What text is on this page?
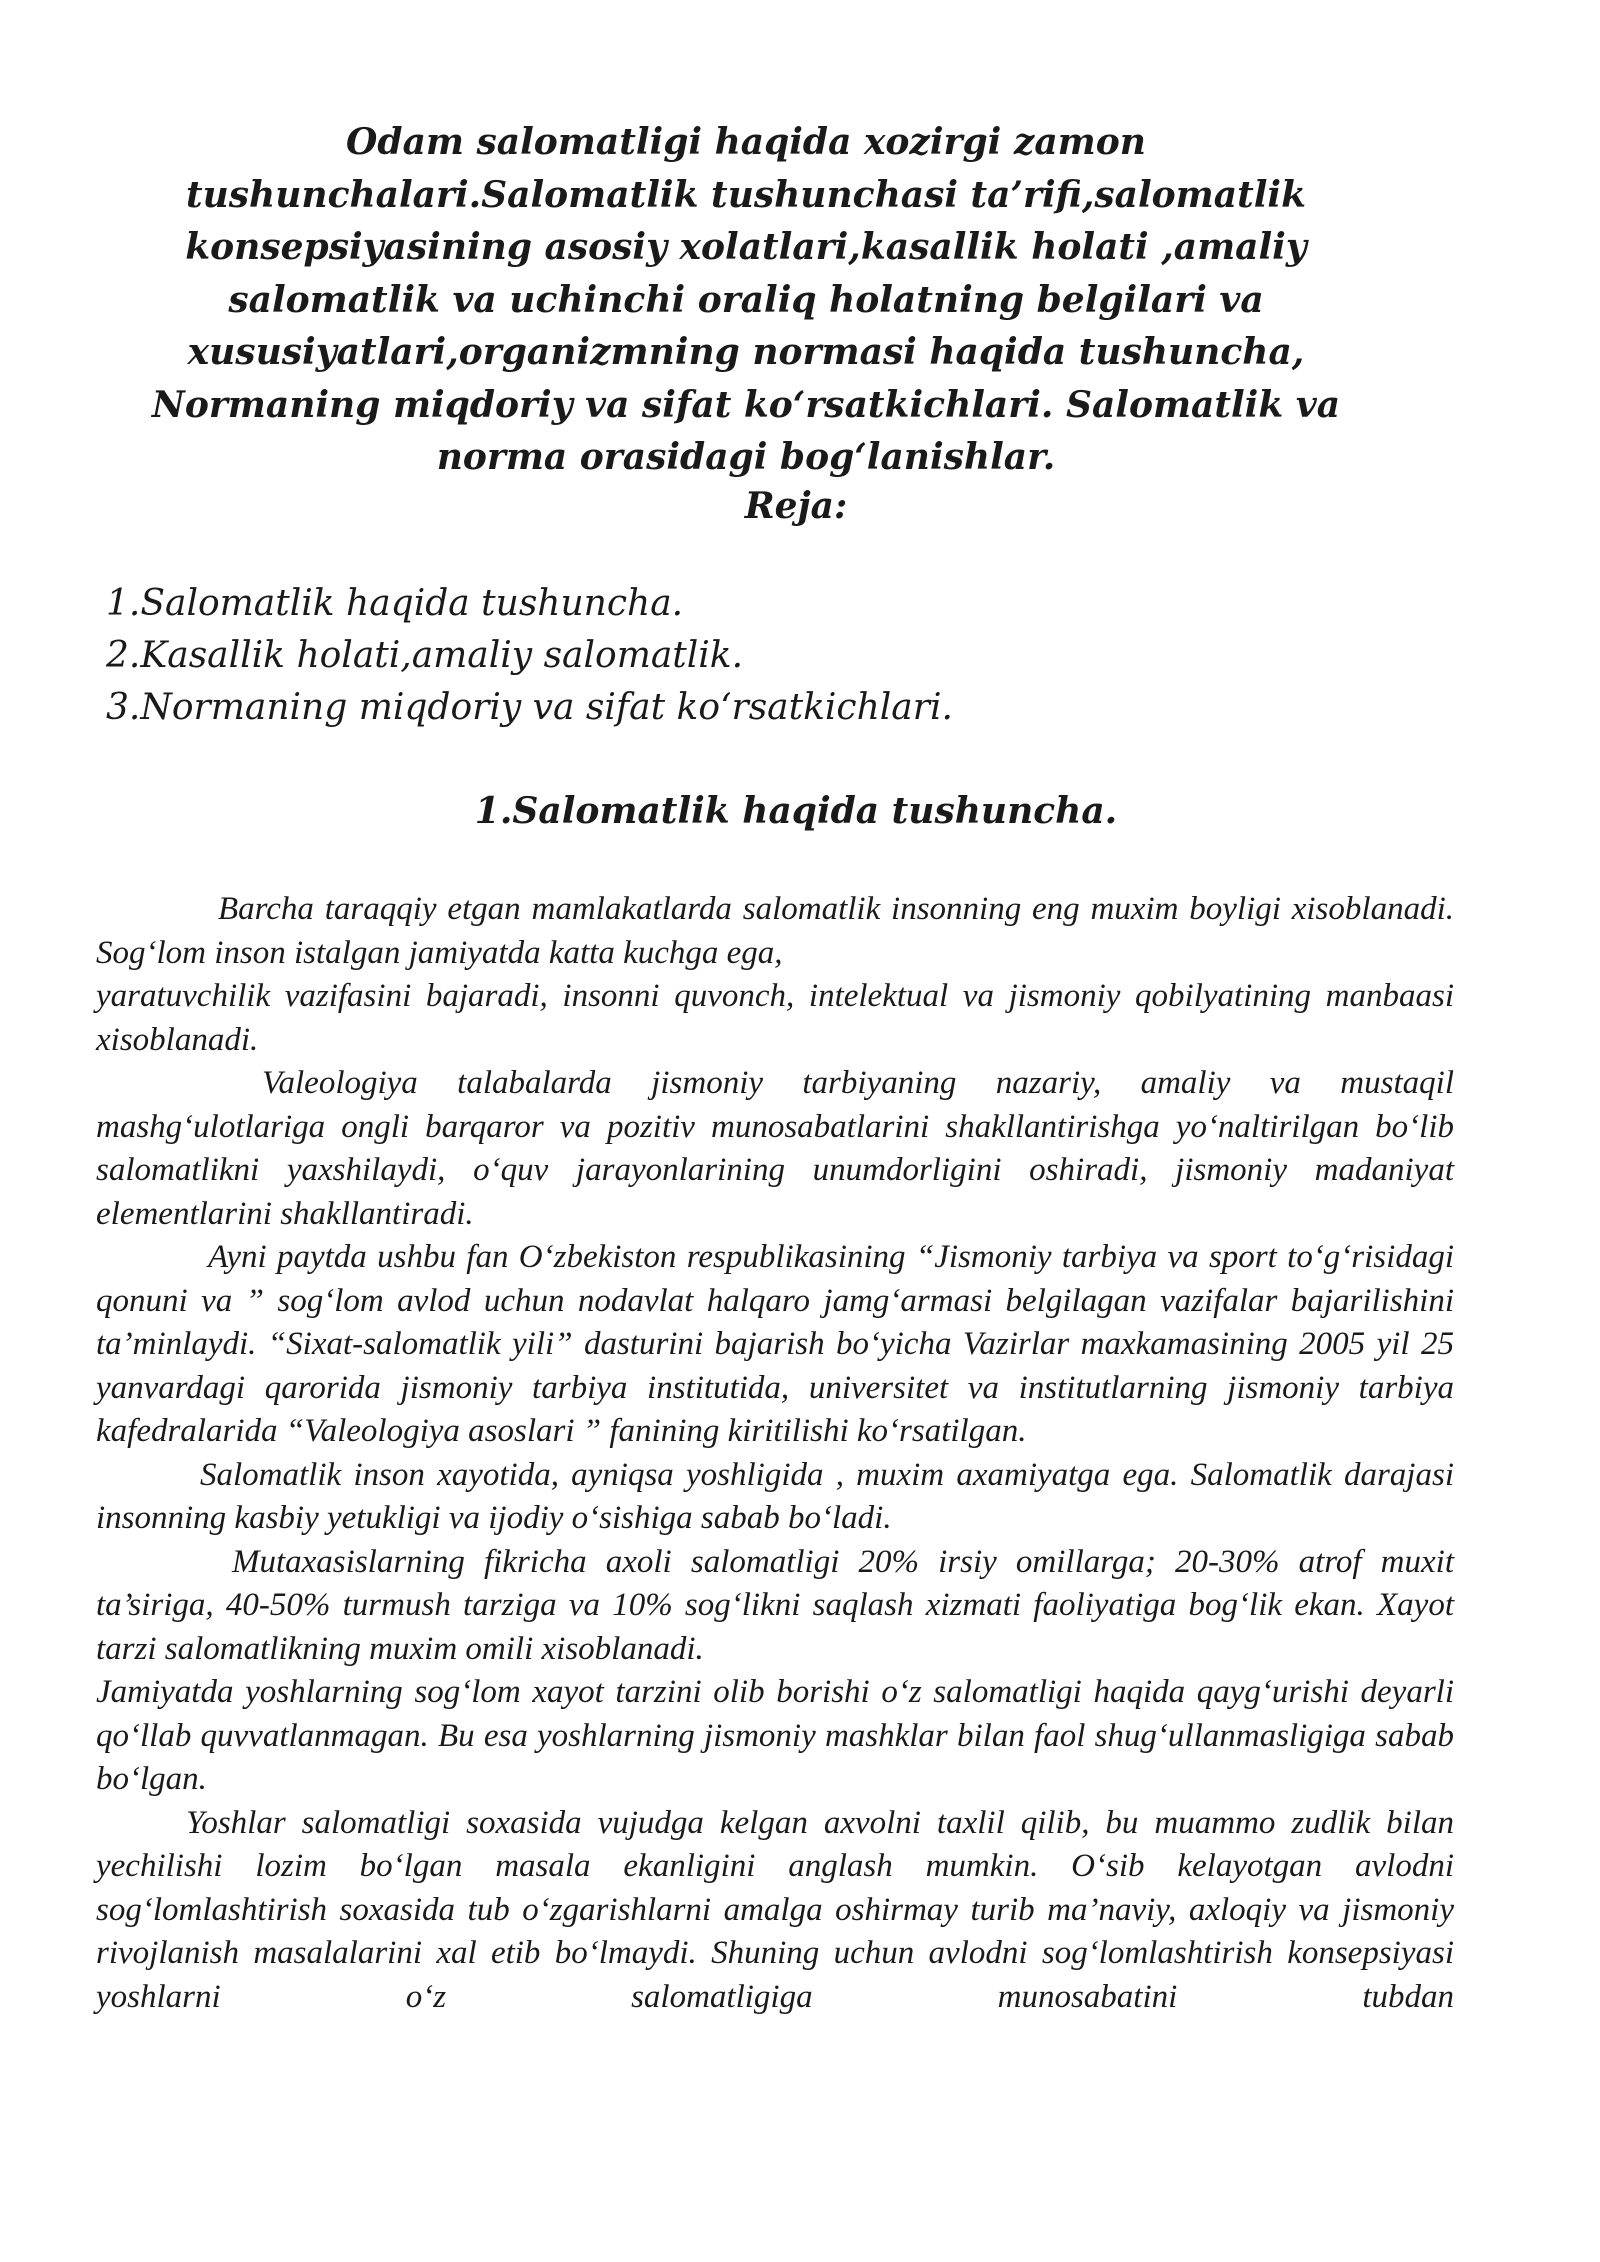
Odam salomatligi haqida xozirgi zamon tushunchalari.Salomatlik tushunchasi ta’rifi,salomatlik konsepsiyasining asosiy xolatlari,kasallik holati ,amaliy salomatlik va uchinchi oraliq holatning belgilari va xususiyatlari,organizmning normasi haqida tushuncha, Normaning miqdoriy va sifat ko‘rsatkichlari. Salomatlik va norma orasidagi bog‘lanishlar.
Reja:
1.Salomatlik haqida tushuncha.
2.Kasallik holati,amaliy salomatlik.
3.Normaning miqdoriy va sifat ko‘rsatkichlari.
1.Salomatlik haqida tushuncha.

Barcha taraqqiy etgan mamlakatlarda salomatlik insonning eng muxim boyligi xisoblanadi. Sog‘lom inson istalgan jamiyatda katta kuchga ega,

yaratuvchilik vazifasini bajaradi, insonni quvonch, intelektual va jismoniy qobilyatining manbaasi xisoblanadi.

Valeologiya talabalarda jismoniy tarbiyaning nazariy, amaliy va mustaqil mashg‘ulotlariga ongli barqaror va pozitiv munosabatlarini shakllantirishga yo‘naltirilgan bo‘lib salomatlikni yaxshilaydi, o‘quv jarayonlarining unumdorligini oshiradi, jismoniy madaniyat elementlarini shakllantiradi.

Ayni paytda ushbu fan O‘zbekiston respublikasining “Jismoniy tarbiya va sport to‘g‘risidagi qonuni va ” sog‘lom avlod uchun nodavlat halqaro jamg‘armasi belgilagan vazifalar bajarilishini ta’minlaydi. “Sixat-salomatlik yili” dasturini bajarish bo‘yicha Vazirlar maxkamasining 2005 yil 25 yanvardagi qarorida jismoniy tarbiya institutida, universitet va institutlarning jismoniy tarbiya kafedralarida “Valeologiya asoslari ” fanining kiritilishi ko‘rsatilgan.

Salomatlik inson xayotida, ayniqsa yoshligida , muxim axamiyatga ega. Salomatlik darajasi insonning kasbiy yetukligi va ijodiy o‘sishiga sabab bo‘ladi.

Mutaxasislarning fikricha axoli salomatligi 20% irsiy omillarga; 20-30% atrof muxit ta’siriga, 40-50% turmush tarziga va 10% sog‘likni saqlash xizmati faoliyatiga bog‘lik ekan. Xayot tarzi salomatlikning muxim omili xisoblanadi.

Jamiyatda yoshlarning sog‘lom xayot tarzini olib borishi o‘z salomatligi haqida qayg‘urishi deyarli qo‘llab quvvatlanmagan. Bu esa yoshlarning jismoniy mashklar bilan faol shug‘ullanmasligiga sabab bo‘lgan.

Yoshlar salomatligi soxasida vujudga kelgan axvolni taxlil qilib, bu muammo zudlik bilan yechilishi lozim bo‘lgan masala ekanligini anglash mumkin. O‘sib kelayotgan avlodni sog‘lomlashtirish soxasida tub o‘zgarishlarni amalga oshirmay turib ma’naviy, axloqiy va jismoniy rivojlanish masalalarini xal etib bo‘lmaydi. Shuning uchun avlodni sog‘lomlashtirish konsepsiyasi yoshlarni o‘z salomatligiga munosabatini tubdan
